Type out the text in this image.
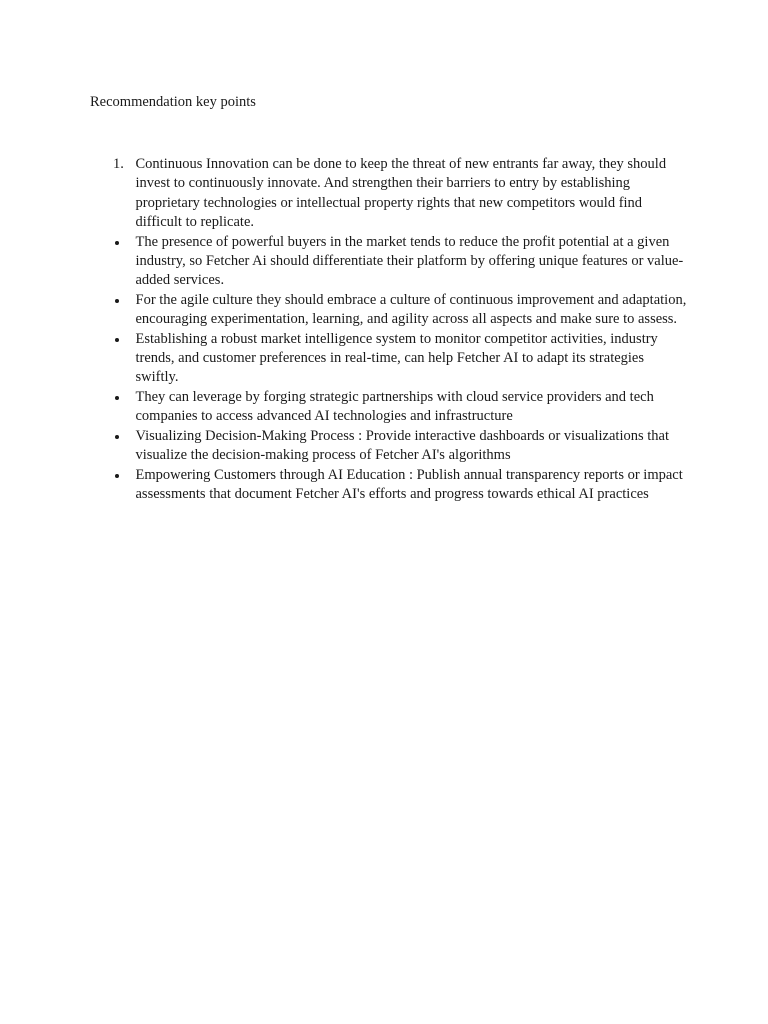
Recommendation key points
1. Continuous Innovation can be done to keep the threat of new entrants far away, they should invest to continuously innovate. And strengthen their barriers to entry by establishing proprietary technologies or intellectual property rights that new competitors would find difficult to replicate.
The presence of powerful buyers in the market tends to reduce the profit potential at a given industry, so Fetcher Ai should differentiate their platform by offering unique features or value-added services.
For the agile culture they should embrace a culture of continuous improvement and adaptation, encouraging experimentation, learning, and agility across all aspects and make sure to assess.
Establishing a robust market intelligence system to monitor competitor activities, industry trends, and customer preferences in real-time, can help Fetcher AI to adapt its strategies swiftly.
They can leverage by forging strategic partnerships with cloud service providers and tech companies to access advanced AI technologies and infrastructure
Visualizing Decision-Making Process : Provide interactive dashboards or visualizations that visualize the decision-making process of Fetcher AI's algorithms
Empowering Customers through AI Education : Publish annual transparency reports or impact assessments that document Fetcher AI's efforts and progress towards ethical AI practices
